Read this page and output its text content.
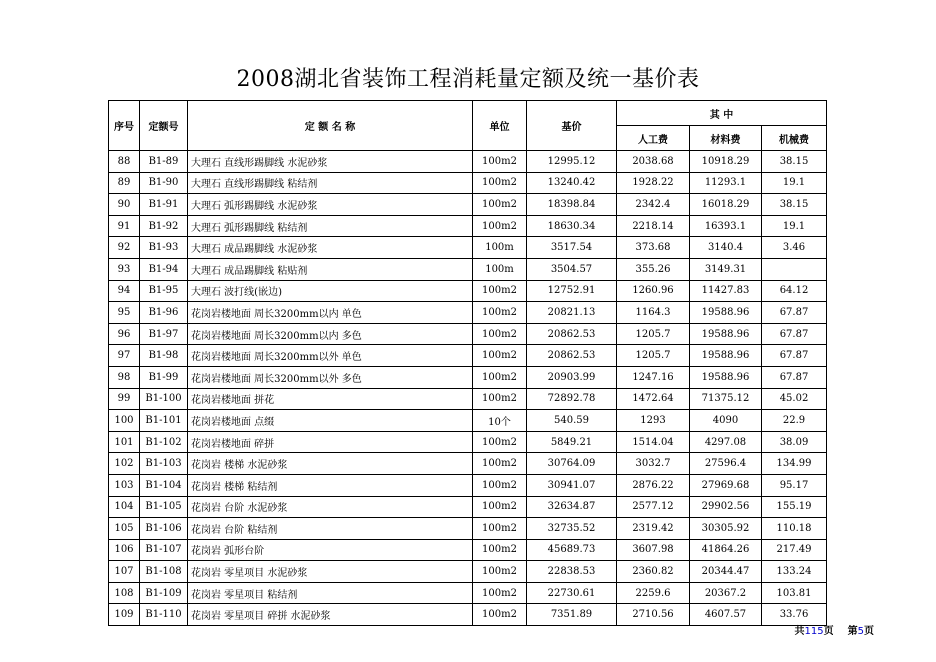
2008湖北省装饰工程消耗量定额及统一基价表
序号	定额号	定 额 名 称	单位	基价	其 中		
					人工费	材料费	机械费
88	B1-89	大理石 直线形踢脚线 水泥砂浆	100m2	12995.12	2038.68	10918.29	38.15
89	B1-90	大理石 直线形踢脚线 粘结剂	100m2	13240.42	1928.22	11293.1	19.1
90	B1-91	大理石 弧形踢脚线 水泥砂浆	100m2	18398.84	2342.4	16018.29	38.15
91	B1-92	大理石 弧形踢脚线 粘结剂	100m2	18630.34	2218.14	16393.1	19.1
92	B1-93	大理石 成品踢脚线 水泥砂浆	100m	3517.54	373.68	3140.4	3.46
93	B1-94	大理石 成品踢脚线 粘贴剂	100m	3504.57	355.26	3149.31	
94	B1-95	大理石 波打线(嵌边)	100m2	12752.91	1260.96	11427.83	64.12
95	B1-96	花岗岩楼地面 周长3200mm以内 单色	100m2	20821.13	1164.3	19588.96	67.87
96	B1-97	花岗岩楼地面 周长3200mm以内 多色	100m2	20862.53	1205.7	19588.96	67.87
97	B1-98	花岗岩楼地面 周长3200mm以外 单色	100m2	20862.53	1205.7	19588.96	67.87
98	B1-99	花岗岩楼地面 周长3200mm以外 多色	100m2	20903.99	1247.16	19588.96	67.87
99	B1-100	花岗岩楼地面 拼花	100m2	72892.78	1472.64	71375.12	45.02
100	B1-101	花岗岩楼地面 点缀	10个	540.59	1293	4090	22.9
101	B1-102	花岗岩楼地面 碎拼	100m2	5849.21	1514.04	4297.08	38.09
102	B1-103	花岗岩 楼梯 水泥砂浆	100m2	30764.09	3032.7	27596.4	134.99
103	B1-104	花岗岩 楼梯 粘结剂	100m2	30941.07	2876.22	27969.68	95.17
104	B1-105	花岗岩 台阶 水泥砂浆	100m2	32634.87	2577.12	29902.56	155.19
105	B1-106	花岗岩 台阶 粘结剂	100m2	32735.52	2319.42	30305.92	110.18
106	B1-107	花岗岩 弧形台阶	100m2	45689.73	3607.98	41864.26	217.49
107	B1-108	花岗岩 零星项目 水泥砂浆	100m2	22838.53	2360.82	20344.47	133.24
108	B1-109	花岗岩 零星项目 粘结剂	100m2	22730.61	2259.6	20367.2	103.81
109	B1-110	花岗岩 零星项目 碎拼 水泥砂浆	100m2	7351.89	2710.56	4607.57	33.76
共115页 第5页
